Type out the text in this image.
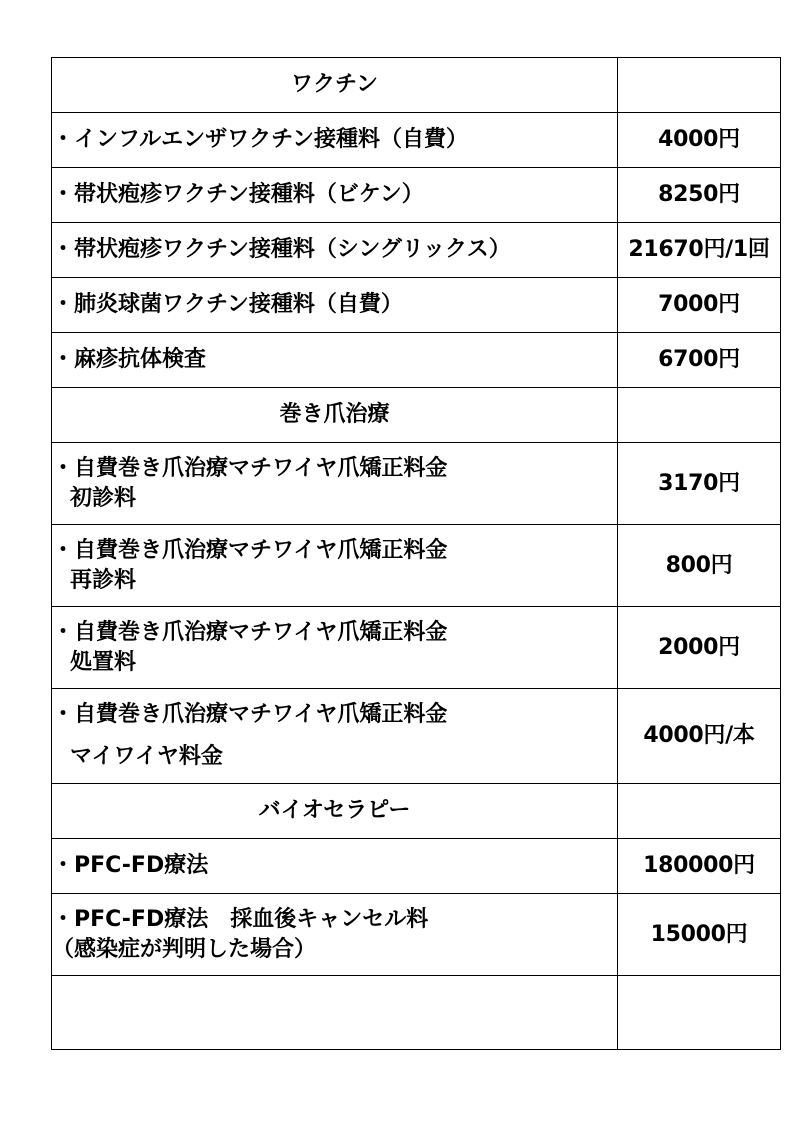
ワクチン	

・インフルエンザワクチン接種料（自費）	4000円

・帯状疱疹ワクチン接種料（ビケン）	8250円

・帯状疱疹ワクチン接種料（シングリックス）	21670円/1回

・肺炎球菌ワクチン接種料（自費）	7000円

・麻疹抗体検査	6700円
巻き爪治療	

・自費巻き爪治療マチワイヤ爪矯正料金
初診料	3170円

・自費巻き爪治療マチワイヤ爪矯正料金
再診料	800円

・自費巻き爪治療マチワイヤ爪矯正料金
処置料	2000円

・自費巻き爪治療マチワイヤ爪矯正料金
マイワイヤ料金	4000円/本
バイオセラピー	

・PFC-FD療法	180000円

・PFC-FD療法　採血後キャンセル料
（感染症が判明した場合）	15000円
